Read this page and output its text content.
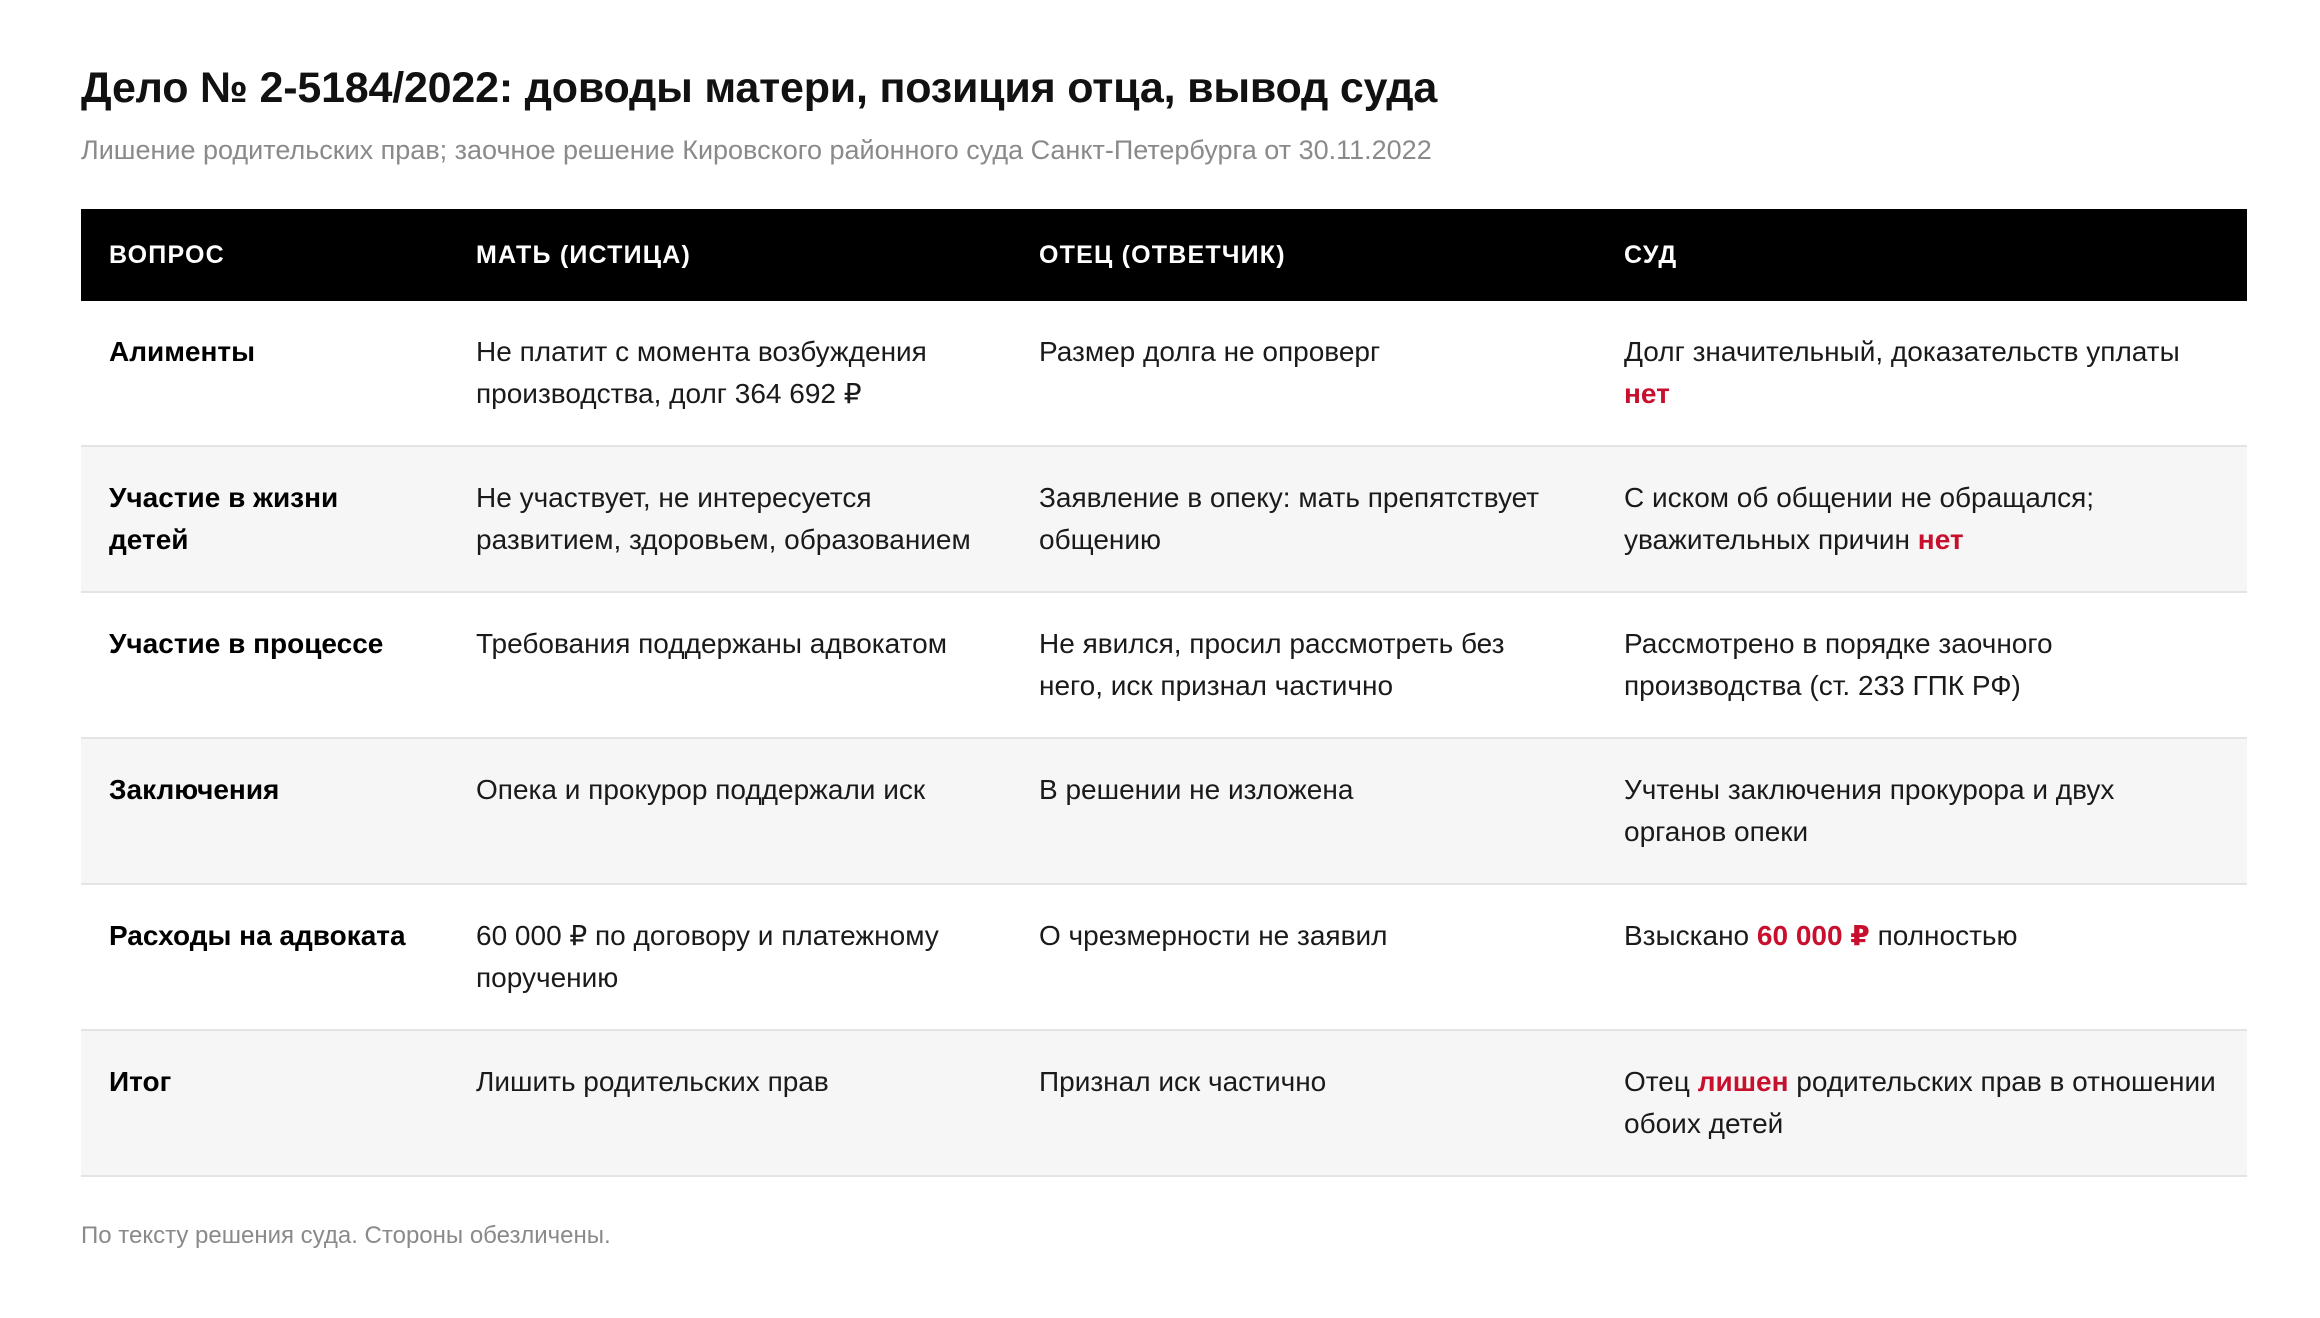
Дело № 2-5184/2022: доводы матери, позиция отца, вывод суда

Лишение родительских прав; заочное решение Кировского районного суда Санкт-Петербурга от 30.11.2022

ВОПРОС	МАТЬ (ИСТИЦА)	ОТЕЦ (ОТВЕТЧИК)	СУД
Алименты	Не платит с момента возбуждения производства, долг 364 692 ₽	Размер долга не опроверг	Долг значительный, доказательств уплаты нет
Участие в жизни детей	Не участвует, не интересуется развитием, здоровьем, образованием	Заявление в опеку: мать препятствует общению	С иском об общении не обращался; уважительных причин нет
Участие в процессе	Требования поддержаны адвокатом	Не явился, просил рассмотреть без него, иск признал частично	Рассмотрено в порядке заочного производства (ст. 233 ГПК РФ)
Заключения	Опека и прокурор поддержали иск	В решении не изложена	Учтены заключения прокурора и двух органов опеки
Расходы на адвоката	60 000 ₽ по договору и платежному поручению	О чрезмерности не заявил	Взыскано 60 000 ₽ полностью
Итог	Лишить родительских прав	Признал иск частично	Отец лишен родительских прав в отношении обоих детей

По тексту решения суда. Стороны обезличены.
